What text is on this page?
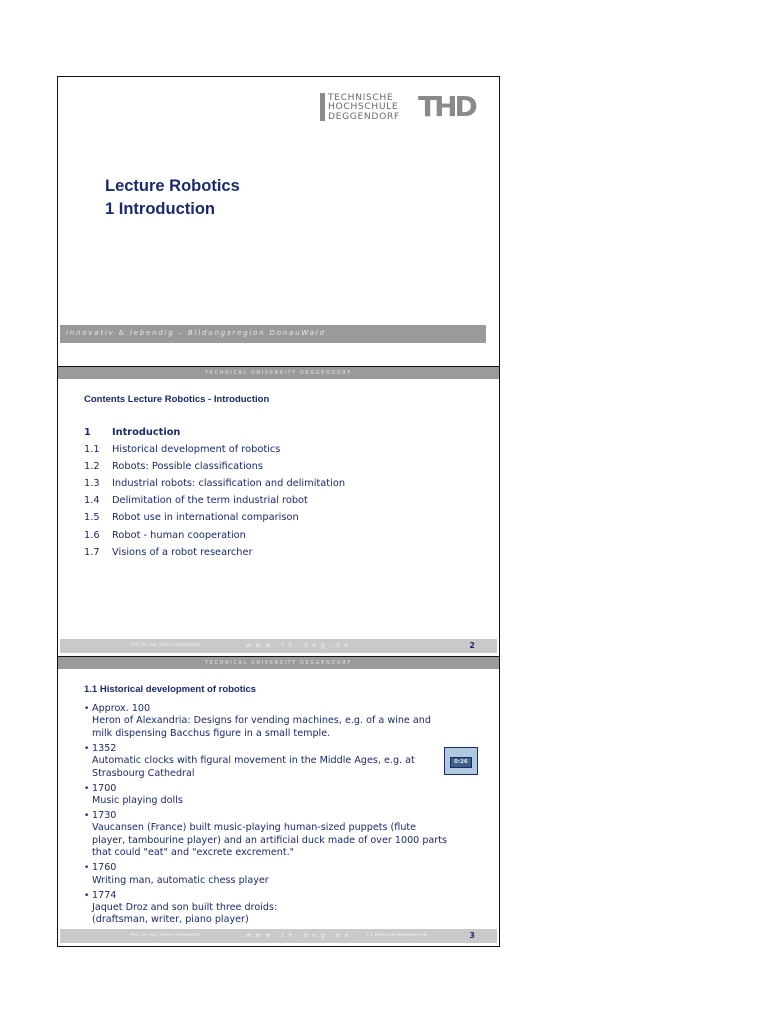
TECHNISCHE
HOCHSCHULE
DEGGENDORF THD
Lecture Robotics
1 Introduction
innovativ & lebendig – Bildungsregion DonauWald
TECHNICAL UNIVERSITY DEGGENDORF
Contents Lecture Robotics - Introduction
1 Introduction
1.1 Historical development of robotics
1.2 Robots: Possible classifications
1.3 Industrial robots: classification and delimitation
1.4 Delimitation of the term industrial robot
1.5 Robot use in international comparison
1.6 Robot - human cooperation
1.7 Visions of a robot researcher
Prof. Dr.-Ing. Stefan Scherbarth	w w w . t h - d e g . d e	2
TECHNICAL UNIVERSITY DEGGENDORF
1.1 Historical development of robotics
• Approx. 100
Heron of Alexandria: Designs for vending machines, e.g. of a wine and
milk dispensing Bacchus figure in a small temple.
• 1352
Automatic clocks with figural movement in the Middle Ages, e.g. at
Strasbourg Cathedral
• 1700
Music playing dolls
• 1730
Vaucansen (France) built music-playing human-sized puppets (flute
player, tambourine player) and an artificial duck made of over 1000 parts
that could "eat" and "excrete excrement."
• 1760
Writing man, automatic chess player
• 1774
Jaquet Droz and son built three droids:
(draftsman, writer, piano player)
0:26
Prof. Dr.-Ing. Stefan Scherbarth	w w w . t h - d e g . d e	1.1 Historical development	3
